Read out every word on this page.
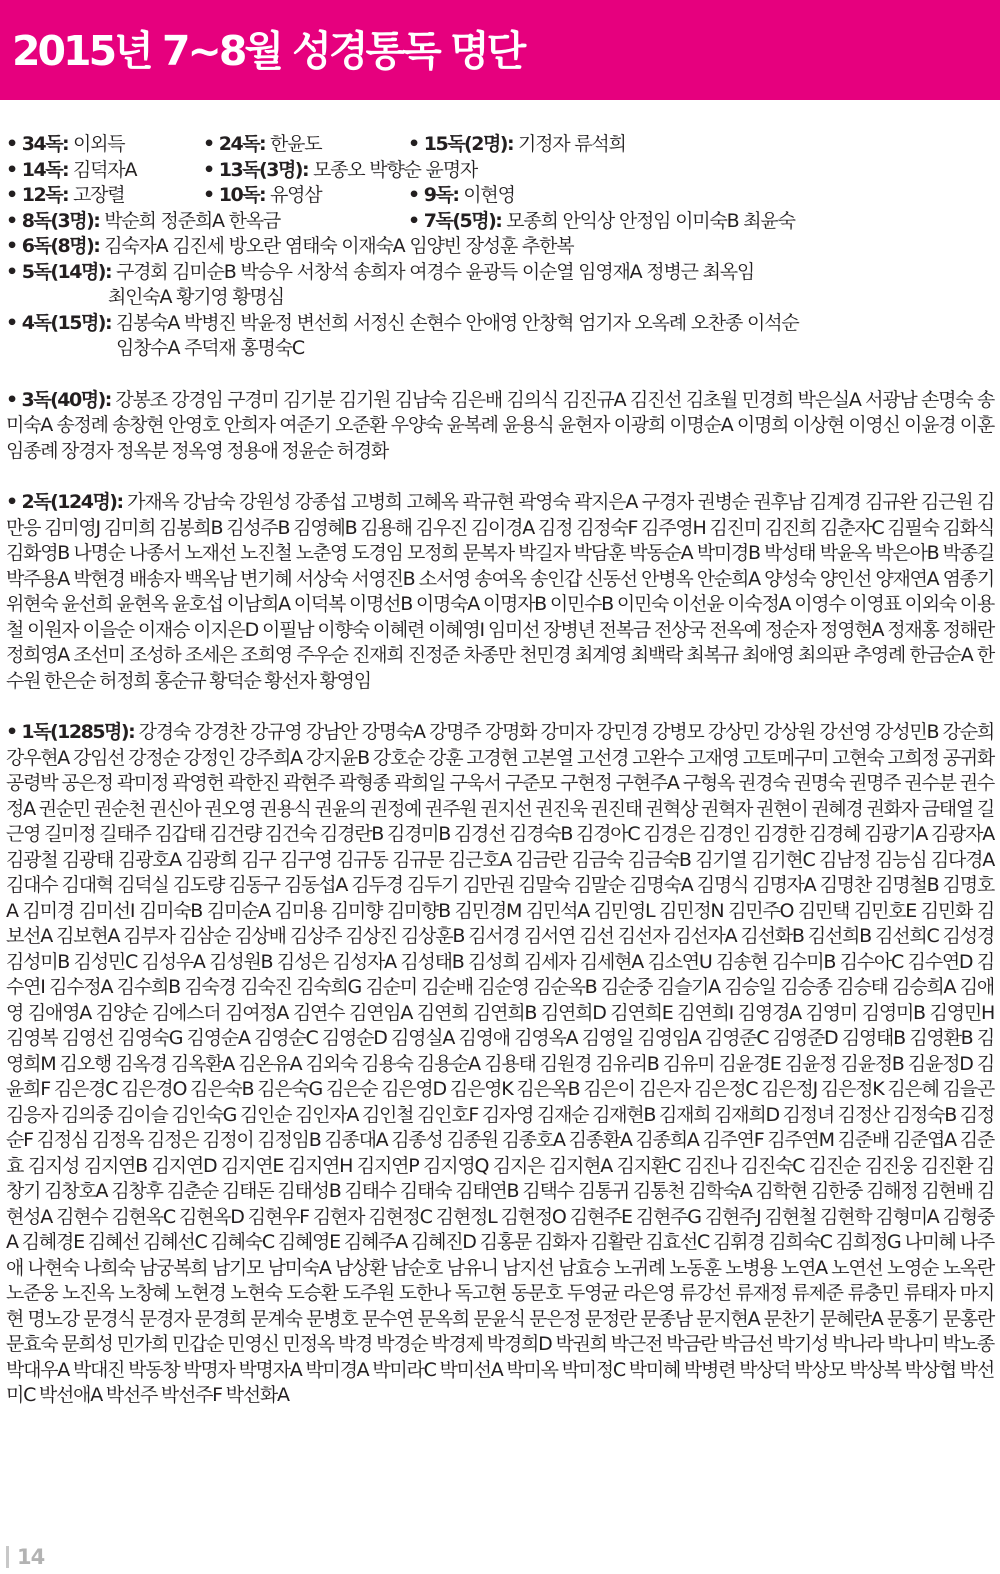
2015년 7~8월 성경통독 명단
• 34독: 이외득	• 24독: 한윤도	• 15독(2명): 기정자 류석희
• 14독: 김덕자A	• 13독(3명): 모종오 박향순 윤명자
• 12독: 고장렬	• 10독: 유영삼	• 9독: 이현영
• 8독(3명): 박순희 정준희A 한옥금	• 7독(5명): 모종희 안익상 안정임 이미숙B 최윤숙
• 6독(8명): 김숙자A 김진세 방오란 염태숙 이재숙A 임양빈 장성훈 추한복
• 5독(14명): 구경회 김미순B 박승우 서창석 송희자 여경수 윤광득 이순열 임영재A 정병근 최옥임
최인숙A 황기영 황명심
• 4독(15명): 김봉숙A 박병진 박윤정 변선희 서정신 손현수 안애영 안창혁 엄기자 오옥례 오찬종 이석순
임창수A 주덕재 홍명숙C
• 3독(40명): 강봉조 강경임 구경미 김기분 김기원 김남숙 김은배 김의식 김진규A 김진선 김초월 민경희 박은실A 서광남 손명숙 송미숙A 송정례 송창현 안영호 안희자 여준기 오준환 우양숙 윤복례 윤용식 윤현자 이광희 이명순A 이명희 이상현 이영신 이윤경 이훈 임종례 장경자 정옥분 정옥영 정용애 정윤순 허경화
• 2독(124명): 가재옥 강남숙 강원성 강종섭 고병희 고혜옥 곽규현 곽영숙 곽지은A 구경자 권병순 권후남 김계경 김규완 김근원 김만응 김미영J 김미희 김봉희B 김성주B 김영혜B 김용해 김우진 김이경A 김정 김정숙F 김주영H 김진미 김진희 김춘자C 김필숙 김화식 김화영B 나명순 나종서 노재선 노진철 노춘영 도경임 모정희 문복자 박길자 박담훈 박동순A 박미경B 박성태 박윤옥 박은아B 박종길 박주용A 박현경 배송자 백옥남 변기혜 서상숙 서영진B 소서영 송여옥 송인갑 신동선 안병옥 안순희A 양성숙 양인선 양재연A 염종기 위현숙 윤선희 윤현옥 윤호섭 이남희A 이덕복 이명선B 이명숙A 이명자B 이민수B 이민숙 이선윤 이숙정A 이영수 이영표 이외숙 이용철 이원자 이을순 이재승 이지은D 이필남 이향숙 이혜련 이혜영I 임미선 장병년 전복금 전상국 전옥예 정순자 정영현A 정재홍 정해란 정희영A 조선미 조성하 조세은 조희영 주우순 진재희 진정준 차종만 천민경 최계영 최백락 최복규 최애영 최의판 추영례 한금순A 한수원 한은순 허정희 홍순규 황덕순 황선자 황영임
• 1독(1285명): 강경숙 강경찬 강규영 강남안 강명숙A 강명주 강명화 강미자 강민경 강병모 강상민 강상원 강선영 강성민B 강순희 강우현A 강임선 강정순 강정인 강주희A 강지윤B 강호순 강훈 고경현 고본열 고선경 고완수 고재영 고토메구미 고현숙 고희정 공귀화 공령박 공은정 곽미정 곽영헌 곽한진 곽현주 곽형종 곽희일 구욱서 구준모 구현정 구현주A 구형옥 권경숙 권명숙 권명주 권수분 권수정A 권순민 권순천 권신아 권오영 권용식 권윤의 권정예 권주원 권지선 권진욱 권진태 권혁상 권혁자 권현이 권혜경 권화자 금태열 길근영 길미정 길태주 김갑태 김건량 김건숙 김경란B 김경미B 김경선 김경숙B 김경아C 김경은 김경인 김경한 김경혜 김광기A 김광자A 김광철 김광태 김광호A 김광희 김구 김구영 김규동 김규문 김근호A 김금란 김금숙 김금숙B 김기열 김기현C 김남정 김능심 김다경A 김대수 김대혁 김덕실 김도량 김동구 김동섭A 김두경 김두기 김만권 김말숙 김말순 김명숙A 김명식 김명자A 김명찬 김명철B 김명호A 김미경 김미선I 김미숙B 김미순A 김미용 김미향 김미향B 김민경M 김민석A 김민영L 김민정N 김민주O 김민택 김민호E 김민화 김보선A 김보현A 김부자 김삼순 김상배 김상주 김상진 김상훈B 김서경 김서연 김선 김선자 김선자A 김선화B 김선희B 김선희C 김성경 김성미B 김성민C 김성우A 김성원B 김성은 김성자A 김성태B 김성희 김세자 김세현A 김소연U 김송현 김수미B 김수아C 김수연D 김수연I 김수정A 김수희B 김숙경 김숙진 김숙희G 김순미 김순배 김순영 김순옥B 김순중 김슬기A 김승일 김승종 김승태 김승희A 김애영 김애영A 김양순 김에스더 김여정A 김연수 김연임A 김연희 김연희B 김연희D 김연희E 김연희I 김영경A 김영미 김영미B 김영민H 김영복 김영선 김영숙G 김영순A 김영순C 김영순D 김영실A 김영애 김영옥A 김영일 김영임A 김영준C 김영준D 김영태B 김영환B 김영희M 김오행 김옥경 김옥환A 김온유A 김외숙 김용숙 김용순A 김용태 김원경 김유리B 김유미 김윤경E 김윤정 김윤정B 김윤정D 김윤희F 김은경C 김은경O 김은숙B 김은숙G 김은순 김은영D 김은영K 김은옥B 김은이 김은자 김은정C 김은정J 김은정K 김은혜 김을곤 김응자 김의중 김이슬 김인숙G 김인순 김인자A 김인철 김인호F 김자영 김재순 김재현B 김재희 김재희D 김정녀 김정산 김정숙B 김정순F 김정심 김정옥 김정은 김정이 김정임B 김종대A 김종성 김종원 김종호A 김종환A 김종희A 김주연F 김주연M 김준배 김준엽A 김준효 김지성 김지연B 김지연D 김지연E 김지연H 김지연P 김지영Q 김지은 김지현A 김지환C 김진나 김진숙C 김진순 김진웅 김진환 김창기 김창호A 김창후 김춘순 김태돈 김태성B 김태수 김태숙 김태연B 김택수 김통귀 김통천 김학숙A 김학현 김한중 김해정 김현배 김현성A 김현수 김현옥C 김현옥D 김현우F 김현자 김현정C 김현정L 김현정O 김현주E 김현주G 김현주J 김현철 김현학 김형미A 김형중A 김혜경E 김혜선 김혜선C 김혜숙C 김혜영E 김혜주A 김혜진D 김홍문 김화자 김활란 김효선C 김휘경 김희숙C 김희정G 나미혜 나주애 나현숙 나희숙 남궁복희 남기모 남미숙A 남상환 남순호 남유니 남지선 남효승 노귀례 노동훈 노병용 노연A 노연선 노영순 노옥란 노준웅 노진옥 노창혜 노현경 노현숙 도승환 도주원 도한나 독고현 동문호 두영균 라은영 류강선 류재정 류제준 류충민 류태자 마지현 명노강 문경식 문경자 문경희 문계숙 문병호 문수연 문옥희 문윤식 문은정 문정란 문종남 문지현A 문찬기 문혜란A 문홍기 문홍란 문효숙 문희성 민가희 민갑순 민영신 민정옥 박경 박경순 박경제 박경희D 박권희 박근전 박금란 박금선 박기성 박나라 박나미 박노종 박대우A 박대진 박동창 박명자 박명자A 박미경A 박미라C 박미선A 박미옥 박미정C 박미혜 박병련 박상덕 박상모 박상복 박상협 박선미C 박선애A 박선주 박선주F 박선화A
14
